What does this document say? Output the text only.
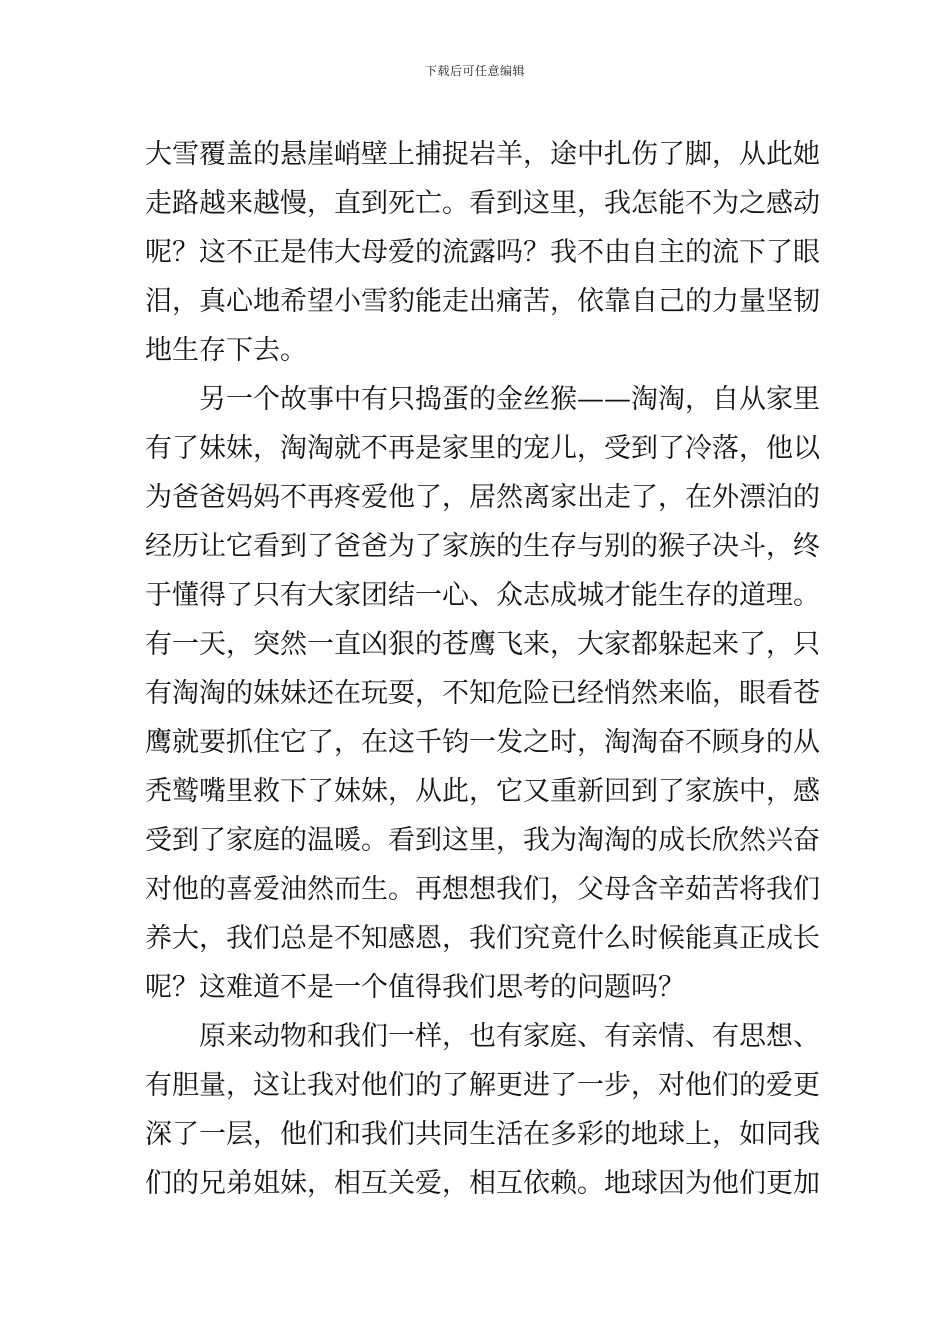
下载后可任意编辑
大雪覆盖的悬崖峭壁上捕捉岩羊，途中扎伤了脚，从此她
走路越来越慢，直到死亡。看到这里，我怎能不为之感动
呢？这不正是伟大母爱的流露吗？我不由自主的流下了眼
泪，真心地希望小雪豹能走出痛苦，依靠自己的力量坚韧
地生存下去。
另一个故事中有只捣蛋的金丝猴——淘淘，自从家里
有了妹妹，淘淘就不再是家里的宠儿，受到了冷落，他以
为爸爸妈妈不再疼爱他了，居然离家出走了，在外漂泊的
经历让它看到了爸爸为了家族的生存与别的猴子决斗，终
于懂得了只有大家团结一心、众志成城才能生存的道理。
有一天，突然一直凶狠的苍鹰飞来，大家都躲起来了，只
有淘淘的妹妹还在玩耍，不知危险已经悄然来临，眼看苍
鹰就要抓住它了，在这千钧一发之时，淘淘奋不顾身的从
秃鹫嘴里救下了妹妹，从此，它又重新回到了家族中，感
受到了家庭的温暖。看到这里，我为淘淘的成长欣然兴奋
对他的喜爱油然而生。再想想我们，父母含辛茹苦将我们
养大，我们总是不知感恩，我们究竟什么时候能真正成长
呢？这难道不是一个值得我们思考的问题吗？
原来动物和我们一样，也有家庭、有亲情、有思想、
有胆量，这让我对他们的了解更进了一步，对他们的爱更
深了一层，他们和我们共同生活在多彩的地球上，如同我
们的兄弟姐妹，相互关爱，相互依赖。地球因为他们更加
